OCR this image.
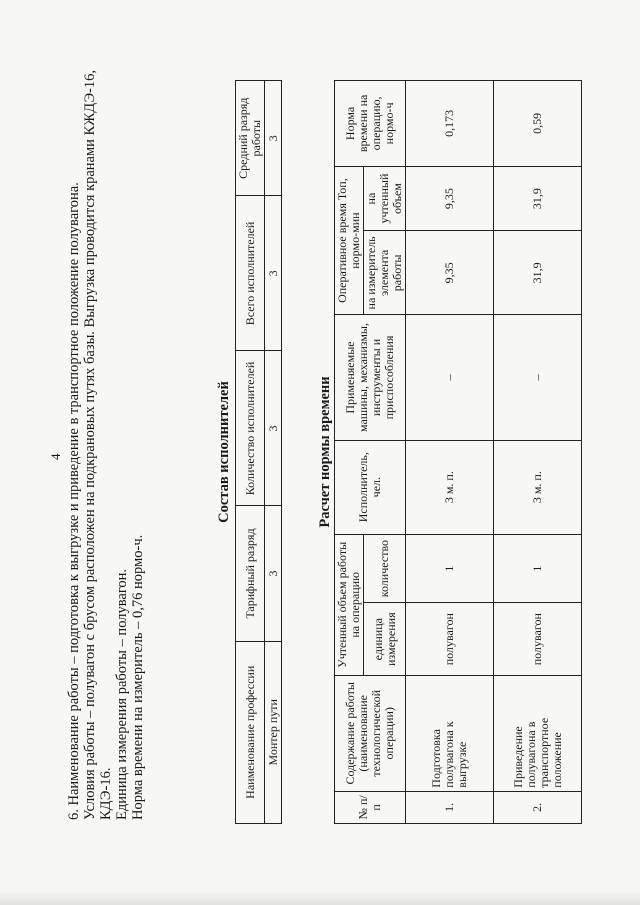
4 6. Наименование работы – подготовка к выгрузке и приведение в транспортное положение полувагона. Условия работы – полувагон с брусом расположен на подкрановых путях базы. Выгрузка проводится кранами КЖДЭ-16, КДЭ-16. Единица измерения работы – полувагон. Норма времени на измеритель – 0,76 нормо-ч.

Состав исполнителей
Наименование профессии	Тарифный разряд	Количество исполнителей	Всего исполнителей	Средний разряд работы
Монтер пути	3	3	3	3
Расчет нормы времени
№ п/п	Содержание работы (наименование технологической операции)	Учтенный объем работы на операцию		Исполнитель, чел.	Применяемые машины, механизмы, инструменты и приспособления	Оперативное время Топ, нормо-мин		Норма времени на операцию, нормо-ч
		единица измерения	количество			на измеритель элемента работы	на учтенный объем	
1.	Подготовка полувагона к выгрузке	полувагон	1	3 м. п.	–	9,35	9,35	0,173
2.	Приведение полувагона в транспортное положение	полувагон	1	3 м. п.	–	31,9	31,9	0,59
